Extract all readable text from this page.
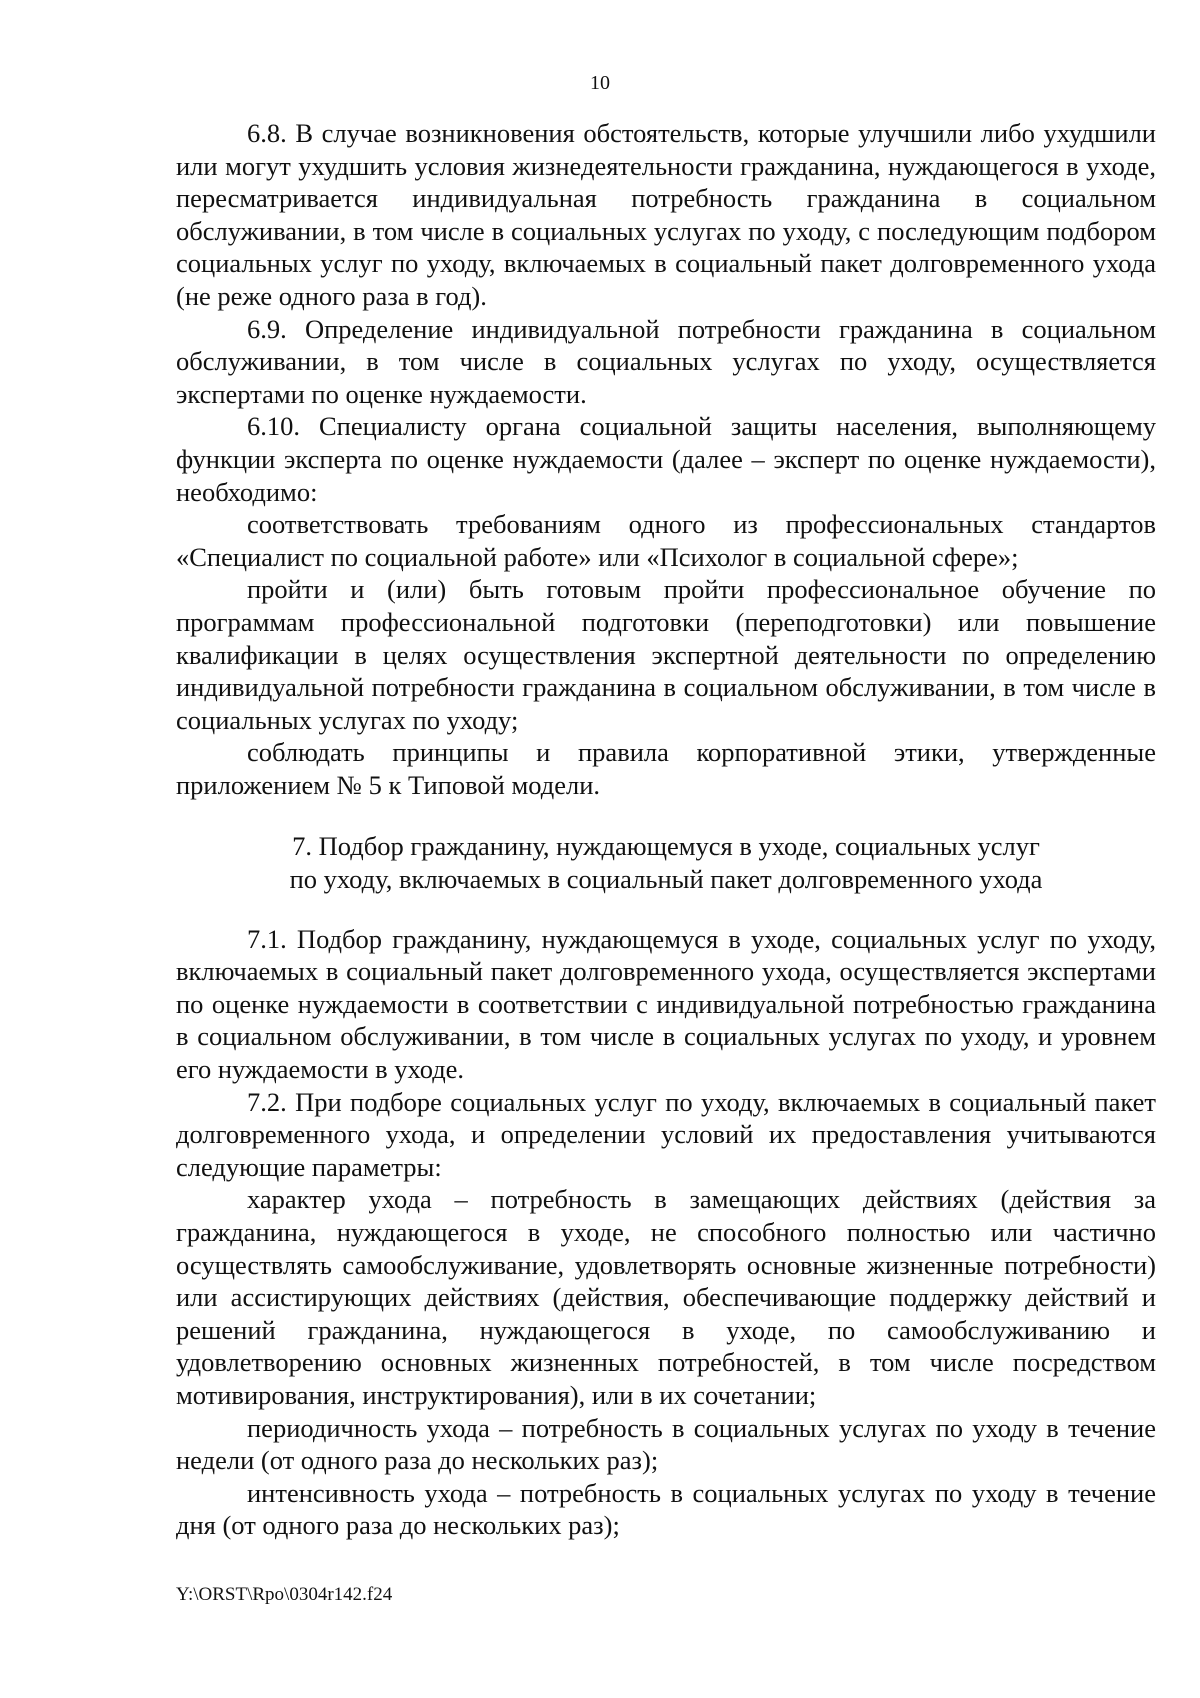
10

6.8. В случае возникновения обстоятельств, которые улучшили либо ухудшили или могут ухудшить условия жизнедеятельности гражданина, нуждающегося в уходе, пересматривается индивидуальная потребность гражданина в социальном обслуживании, в том числе в социальных услугах по уходу, с последующим подбором социальных услуг по уходу, включаемых в социальный пакет долговременного ухода (не реже одного раза в год).

6.9. Определение индивидуальной потребности гражданина в социальном обслуживании, в том числе в социальных услугах по уходу, осуществляется экспертами по оценке нуждаемости.

6.10. Специалисту органа социальной защиты населения, выполняющему функции эксперта по оценке нуждаемости (далее – эксперт по оценке нуждаемости), необходимо:

соответствовать требованиям одного из профессиональных стандартов «Специалист по социальной работе» или «Психолог в социальной сфере»;

пройти и (или) быть готовым пройти профессиональное обучение по программам профессиональной подготовки (переподготовки) или повышение квалификации в целях осуществления экспертной деятельности по определению индивидуальной потребности гражданина в социальном обслуживании, в том числе в социальных услугах по уходу;

соблюдать принципы и правила корпоративной этики, утвержденные приложением № 5 к Типовой модели.

7. Подбор гражданину, нуждающемуся в уходе, социальных услуг
по уходу, включаемых в социальный пакет долговременного ухода

7.1. Подбор гражданину, нуждающемуся в уходе, социальных услуг по уходу, включаемых в социальный пакет долговременного ухода, осуществляется экспертами по оценке нуждаемости в соответствии с индивидуальной потребностью гражданина в социальном обслуживании, в том числе в социальных услугах по уходу, и уровнем его нуждаемости в уходе.

7.2. При подборе социальных услуг по уходу, включаемых в социальный пакет долговременного ухода, и определении условий их предоставления учитываются следующие параметры:

характер ухода – потребность в замещающих действиях (действия за гражданина, нуждающегося в уходе, не способного полностью или частично осуществлять самообслуживание, удовлетворять основные жизненные потребности) или ассистирующих действиях (действия, обеспечивающие поддержку действий и решений гражданина, нуждающегося в уходе, по самообслуживанию и удовлетворению основных жизненных потребностей, в том числе посредством мотивирования, инструктирования), или в их сочетании;

периодичность ухода – потребность в социальных услугах по уходу в течение недели (от одного раза до нескольких раз);

интенсивность ухода – потребность в социальных услугах по уходу в течение дня (от одного раза до нескольких раз);

Y:\ORST\Rpo\0304r142.f24
